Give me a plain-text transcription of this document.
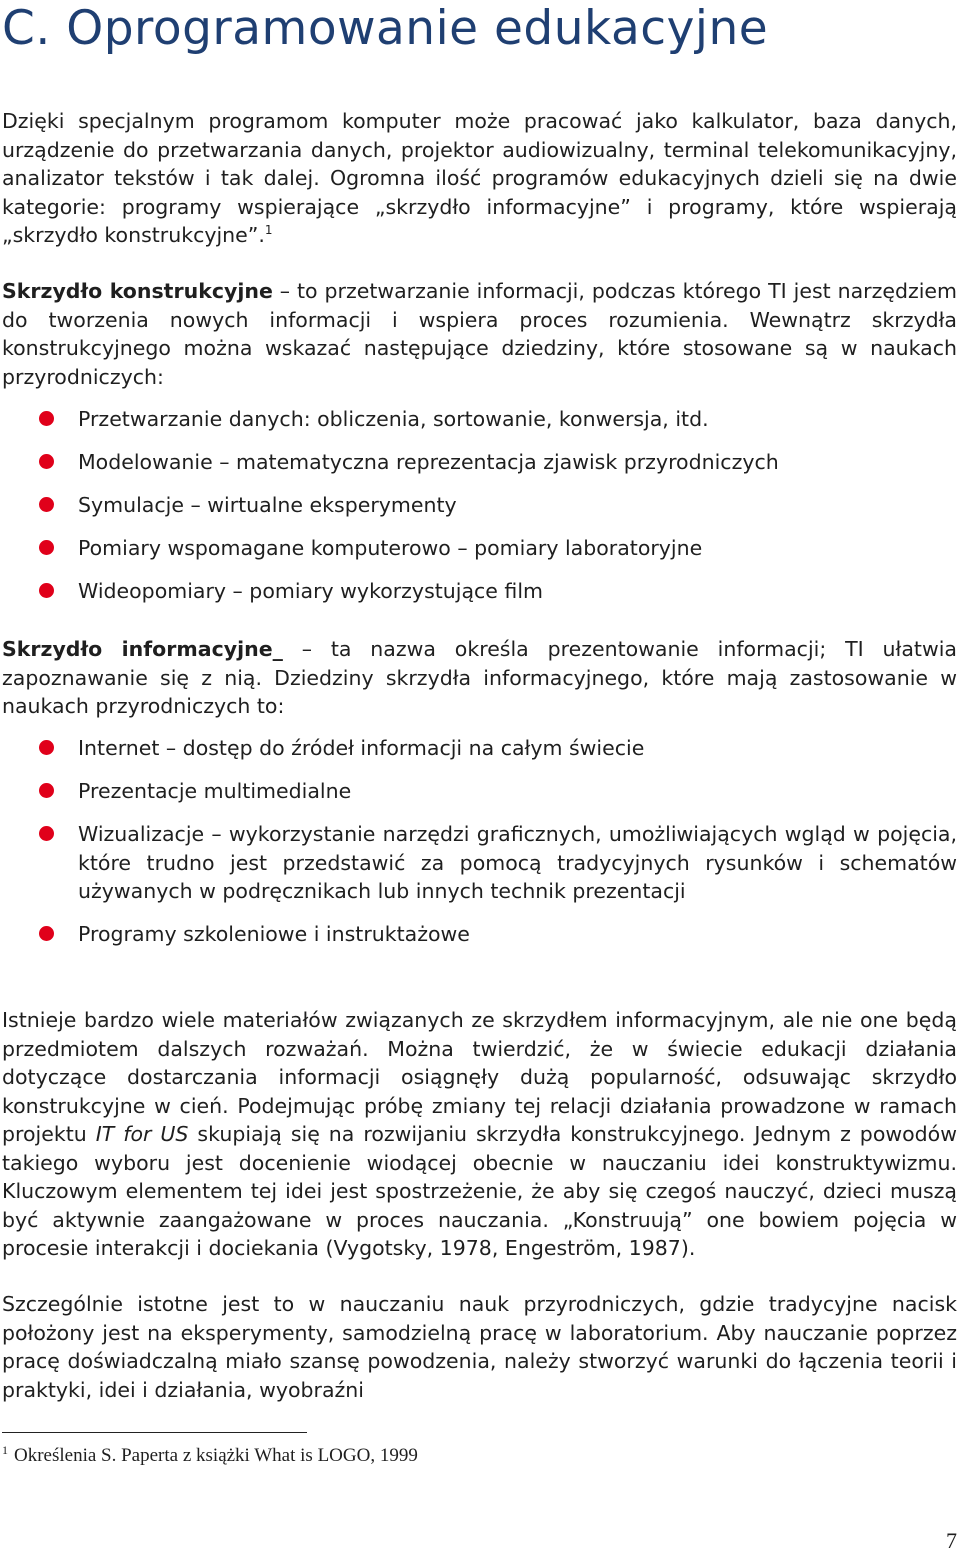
C. Oprogramowanie edukacyjne

Dzięki specjalnym programom komputer może pracować jako kalkulator, baza danych, urządzenie do przetwarzania danych, projektor audiowizualny, terminal telekomunikacyjny, analizator tekstów i tak dalej. Ogromna ilość programów edukacyjnych dzieli się na dwie kategorie: programy wspierające „skrzydło informacyjne” i programy, które wspierają „skrzydło konstrukcyjne”.$^1$

Skrzydło konstrukcyjne – to przetwarzanie informacji, podczas którego TI jest narzędziem do tworzenia nowych informacji i wspiera proces rozumienia. Wewnątrz skrzydła konstrukcyjnego można wskazać następujące dziedziny, które stosowane są w naukach przyrodniczych:

Przetwarzanie danych: obliczenia, sortowanie, konwersja, itd.
Modelowanie – matematyczna reprezentacja zjawisk przyrodniczych
Symulacje – wirtualne eksperymenty
Pomiary wspomagane komputerowo – pomiary laboratoryjne
Wideopomiary – pomiary wykorzystujące film

Skrzydło informacyjne_ – ta nazwa określa prezentowanie informacji; TI ułatwia zapoznawanie się z nią. Dziedziny skrzydła informacyjnego, które mają zastosowanie w naukach przyrodniczych to:

Internet – dostęp do źródeł informacji na całym świecie
Prezentacje multimedialne
Wizualizacje – wykorzystanie narzędzi graficznych, umożliwiających wgląd w pojęcia, które trudno jest przedstawić za pomocą tradycyjnych rysunków i schematów używanych w podręcznikach lub innych technik prezentacji
Programy szkoleniowe i instruktażowe

Istnieje bardzo wiele materiałów związanych ze skrzydłem informacyjnym, ale nie one będą przedmiotem dalszych rozważań. Można twierdzić, że w świecie edukacji działania dotyczące dostarczania informacji osiągnęły dużą popularność, odsuwając skrzydło konstrukcyjne w cień. Podejmując próbę zmiany tej relacji działania prowadzone w ramach projektu IT for US skupiają się na rozwijaniu skrzydła konstrukcyjnego. Jednym z powodów takiego wyboru jest docenienie wiodącej obecnie w nauczaniu idei konstruktywizmu. Kluczowym elementem tej idei jest spostrzeżenie, że aby się czegoś nauczyć, dzieci muszą być aktywnie zaangażowane w proces nauczania. „Konstruują” one bowiem pojęcia w procesie interakcji i dociekania (Vygotsky, 1978, Engeström, 1987).

Szczególnie istotne jest to w nauczaniu nauk przyrodniczych, gdzie tradycyjne nacisk położony jest na eksperymenty, samodzielną pracę w laboratorium. Aby nauczanie poprzez pracę doświadczalną miało szansę powodzenia, należy stworzyć warunki do łączenia teorii i praktyki, idei i działania, wyobraźni

$^1$ Określenia S. Paperta z książki What is LOGO, 1999
7
